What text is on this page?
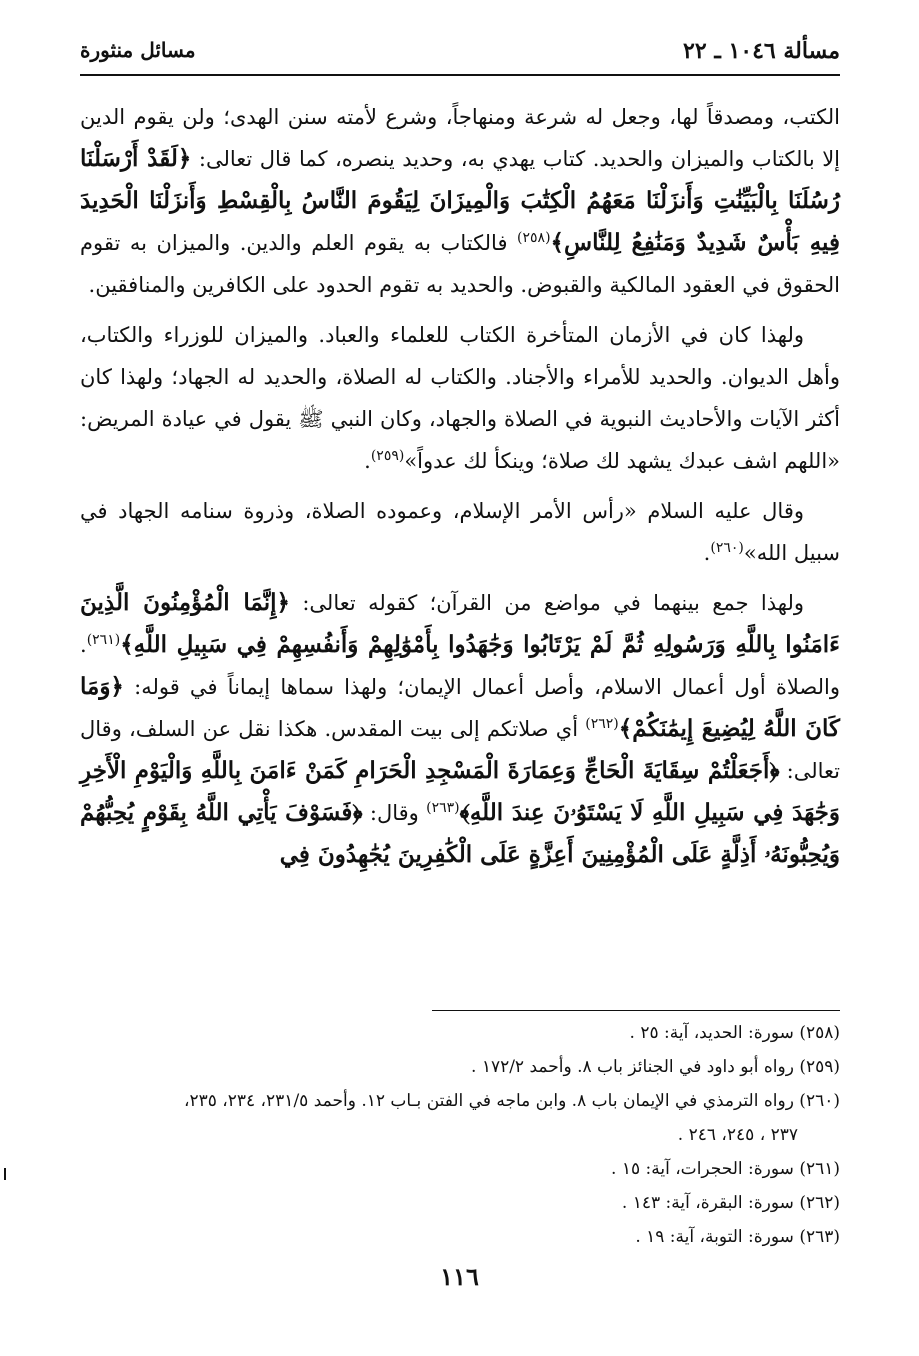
مسألة ١٠٤٦ ـ ٢٢
مسائل منثورة

الكتب، ومصدقاً لها، وجعل له شرعة ومنهاجاً، وشرع لأمته سنن الهدى؛ ولن يقوم الدين إلا بالكتاب والميزان والحديد. كتاب يهدي به، وحديد ينصره، كما قال تعالى: ﴿لَقَدْ أَرْسَلْنَا رُسُلَنَا بِالْبَيِّنَٰتِ وَأَنزَلْنَا مَعَهُمُ الْكِتَٰبَ وَالْمِيزَانَ لِيَقُومَ النَّاسُ بِالْقِسْطِ وَأَنزَلْنَا الْحَدِيدَ فِيهِ بَأْسٌ شَدِيدٌ وَمَنَٰفِعُ لِلنَّاسِ﴾$^{(٢٥٨)}$ فالكتاب به يقوم العلم والدين. والميزان به تقوم الحقوق في العقود المالكية والقبوض. والحديد به تقوم الحدود على الكافرين والمنافقين.

ولهذا كان في الأزمان المتأخرة الكتاب للعلماء والعباد. والميزان للوزراء والكتاب، وأهل الديوان. والحديد للأمراء والأجناد. والكتاب له الصلاة، والحديد له الجهاد؛ ولهذا كان أكثر الآيات والأحاديث النبوية في الصلاة والجهاد، وكان النبي ﷺ يقول في عيادة المريض: «اللهم اشف عبدك يشهد لك صلاة؛ وينكأ لك عدواً»$^{(٢٥٩)}$.

وقال عليه السلام «رأس الأمر الإسلام، وعموده الصلاة، وذروة سنامه الجهاد في سبيل الله»$^{(٢٦٠)}$.

ولهذا جمع بينهما في مواضع من القرآن؛ كقوله تعالى: ﴿إِنَّمَا الْمُؤْمِنُونَ الَّذِينَ ءَامَنُوا بِاللَّهِ وَرَسُولِهِ ثُمَّ لَمْ يَرْتَابُوا وَجَٰهَدُوا بِأَمْوَٰلِهِمْ وَأَنفُسِهِمْ فِي سَبِيلِ اللَّهِ﴾$^{(٢٦١)}$. والصلاة أول أعمال الاسلام، وأصل أعمال الإيمان؛ ولهذا سماها إيماناً في قوله: ﴿وَمَا كَانَ اللَّهُ لِيُضِيعَ إِيمَٰنَكُمْ﴾$^{(٢٦٢)}$ أي صلاتكم إلى بيت المقدس. هكذا نقل عن السلف، وقال تعالى: ﴿أَجَعَلْتُمْ سِقَايَةَ الْحَاجِّ وَعِمَارَةَ الْمَسْجِدِ الْحَرَامِ كَمَنْ ءَامَنَ بِاللَّهِ وَالْيَوْمِ الْأَخِرِ وَجَٰهَدَ فِي سَبِيلِ اللَّهِ لَا يَسْتَوُۥنَ عِندَ اللَّهِ﴾$^{(٢٦٣)}$ وقال: ﴿فَسَوْفَ يَأْتِي اللَّهُ بِقَوْمٍ يُحِبُّهُمْ وَيُحِبُّونَهُۥ أَذِلَّةٍ عَلَى الْمُؤْمِنِينَ أَعِزَّةٍ عَلَى الْكَٰفِرِينَ يُجَٰهِدُونَ فِي

(٢٥٨) سورة: الحديد، آية: ٢٥ .

(٢٥٩) رواه أبو داود في الجنائز باب ٨. وأحمد ١٧٢/٢ .

(٢٦٠) رواه الترمذي في الإيمان باب ٨. وابن ماجه في الفتن بـاب ١٢. وأحمد ٢٣١/٥، ٢٣٤، ٢٣٥،

٢٣٧ ، ٢٤٥، ٢٤٦ .

(٢٦١) سورة: الحجرات، آية: ١٥ .

(٢٦٢) سورة: البقرة، آية: ١٤٣ .

(٢٦٣) سورة: التوبة، آية: ١٩ .

١١٦
